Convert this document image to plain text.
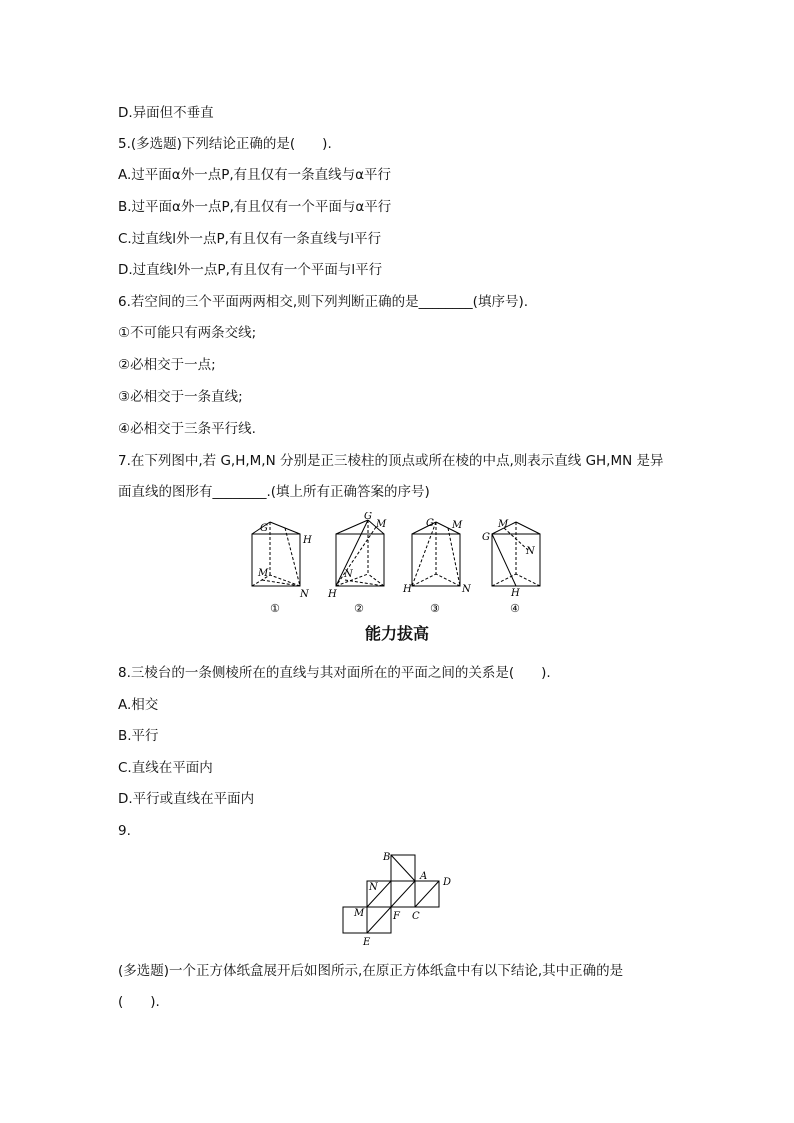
D.异面但不垂直
5.(多选题)下列结论正确的是(　　).
A.过平面α外一点P,有且仅有一条直线与α平行
B.过平面α外一点P,有且仅有一个平面与α平行
C.过直线l外一点P,有且仅有一条直线与l平行
D.过直线l外一点P,有且仅有一个平面与l平行
6.若空间的三个平面两两相交,则下列判断正确的是________(填序号).
①不可能只有两条交线;
②必相交于一点;
③必相交于一条直线;
④必相交于三条平行线.
7.在下列图中,若 G,H,M,N 分别是正三棱柱的顶点或所在棱的中点,则表示直线 GH,MN 是异
面直线的图形有________.(填上所有正确答案的序号)
G
H
M
N
①
G
M
N
H
②
G M
H	N
③
M
G
N
H
④
能力拔高
8.三棱台的一条侧棱所在的直线与其对面所在的平面之间的关系是(　　).
A.相交
B.平行
C.直线在平面内
D.平行或直线在平面内
9.
B
N
A
D
M	F C
E
(多选题)一个正方体纸盒展开后如图所示,在原正方体纸盒中有以下结论,其中正确的是
(　　).
